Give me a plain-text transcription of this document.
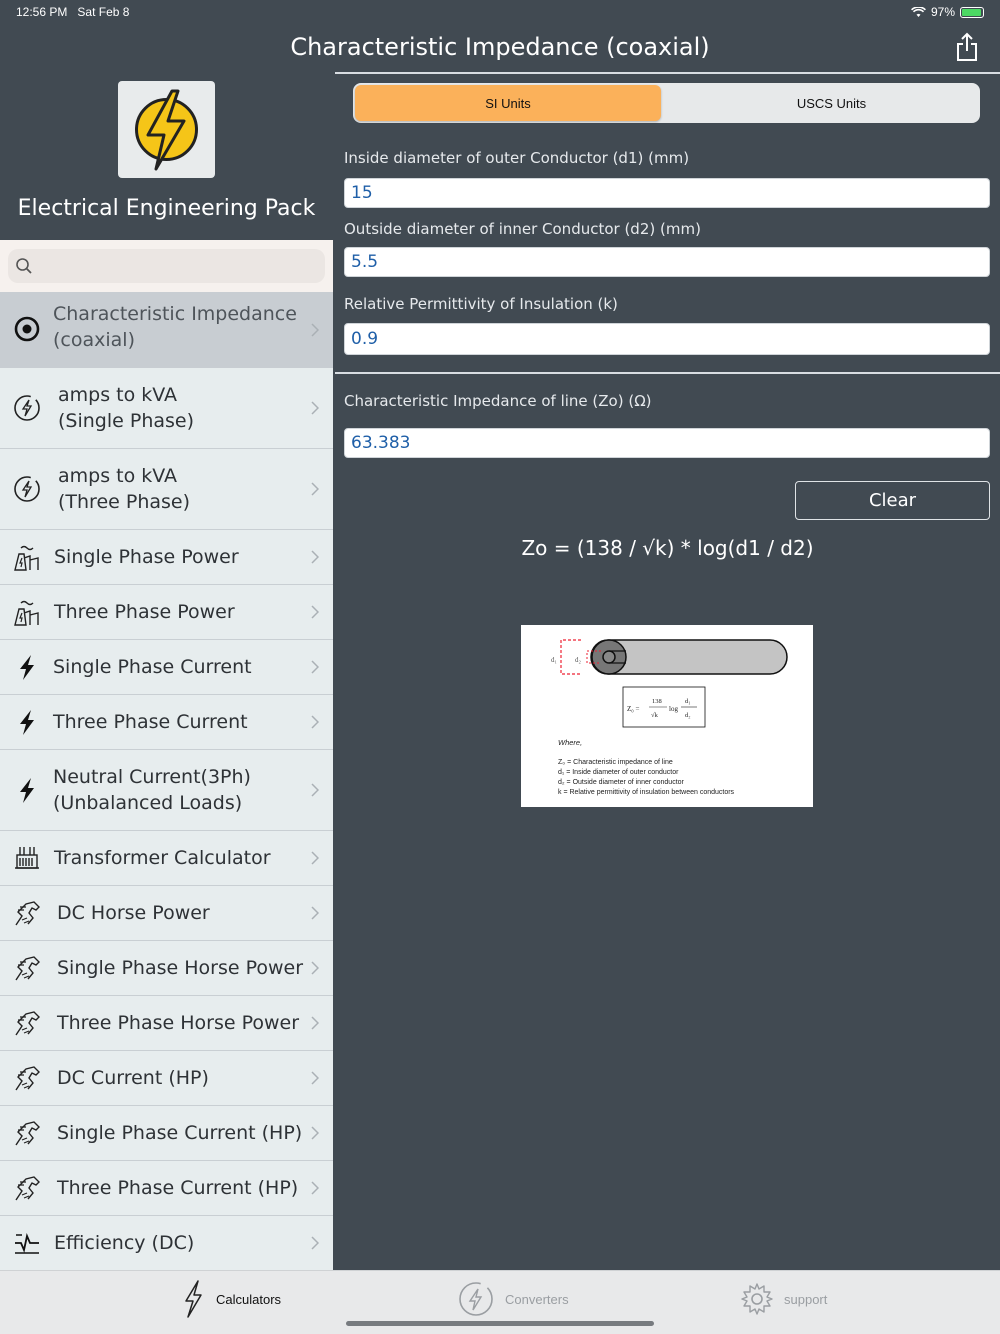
12:56 PM Sat Feb 8	97%
Characteristic Impedance (coaxial)
Electrical Engineering Pack
Characteristic Impedance
(coaxial)
amps to kVA
(Single Phase)
amps to kVA
(Three Phase)
Single Phase Power
Three Phase Power
Single Phase Current
Three Phase Current
Neutral Current(3Ph)
(Unbalanced Loads)
Transformer Calculator
DC Horse Power
Single Phase Horse Power
Three Phase Horse Power
DC Current (HP)
Single Phase Current (HP)
Three Phase Current (HP)
Efficiency (DC)
SI Units	USCS Units
Inside diameter of outer Conductor (d1) (mm)
15
Outside diameter of inner Conductor (d2) (mm)
5.5
Relative Permittivity of Insulation (k)
0.9
Characteristic Impedance of line (Zo) (Ω)
63.383
Clear
Zo = (138 / √k) * log(d1 / d2)
d₁	d₂
Z₀ =
138
√k
log
d₁
d₂
Where,
Z₀ = Characteristic impedance of line
d₁ = Inside diameter of outer conductor
d₂ = Outside diameter of inner conductor
k = Relative permittivity of insulation between conductors
Calculators	Converters	support
